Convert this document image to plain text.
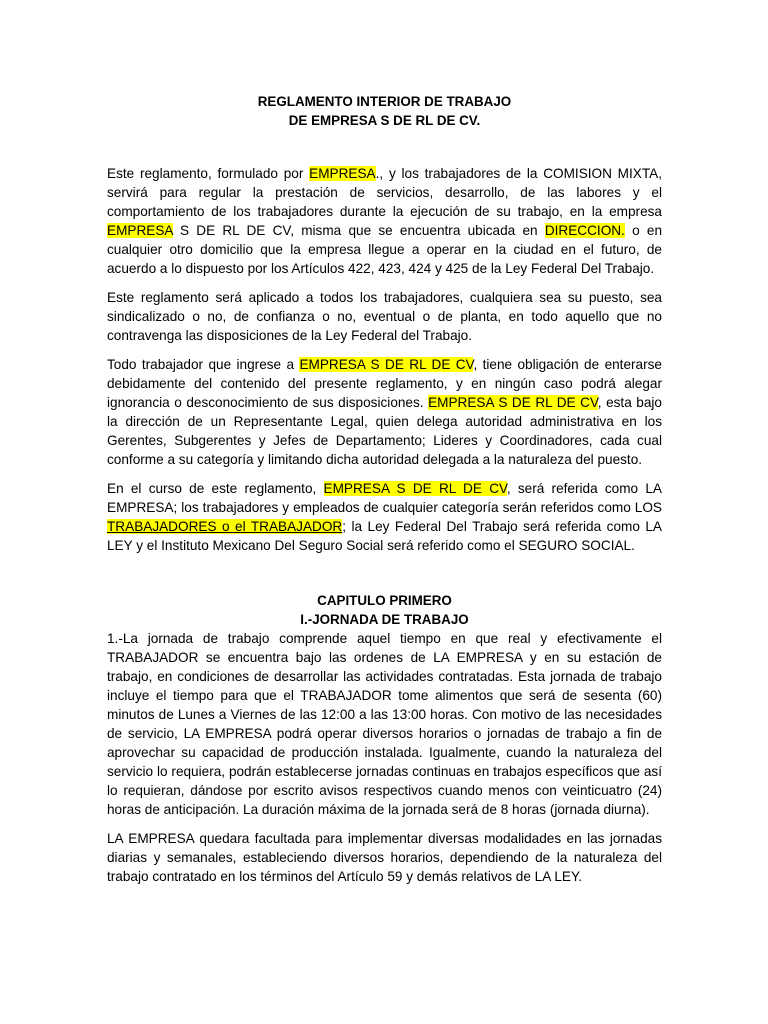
REGLAMENTO INTERIOR DE TRABAJO

DE EMPRESA S DE RL DE CV.

Este reglamento, formulado por EMPRESA., y los trabajadores de la COMISION MIXTA, servirá para regular la prestación de servicios, desarrollo, de las labores y el comportamiento de los trabajadores durante la ejecución de su trabajo, en la empresa EMPRESA S DE RL DE CV, misma que se encuentra ubicada en DIRECCION. o en cualquier otro domicilio que la empresa llegue a operar en la ciudad en el futuro, de acuerdo a lo dispuesto por los Artículos 422, 423, 424 y 425 de la Ley Federal Del Trabajo.

Este reglamento será aplicado a todos los trabajadores, cualquiera sea su puesto, sea sindicalizado o no, de confianza o no, eventual o de planta, en todo aquello que no contravenga las disposiciones de la Ley Federal del Trabajo.

Todo trabajador que ingrese a EMPRESA S DE RL DE CV, tiene obligación de enterarse debidamente del contenido del presente reglamento, y en ningún caso podrá alegar ignorancia o desconocimiento de sus disposiciones. EMPRESA S DE RL DE CV, esta bajo la dirección de un Representante Legal, quien delega autoridad administrativa en los Gerentes, Subgerentes y Jefes de Departamento; Lideres y Coordinadores, cada cual conforme a su categoría y limitando dicha autoridad delegada a la naturaleza del puesto.

En el curso de este reglamento, EMPRESA S DE RL DE CV, será referida como LA EMPRESA; los trabajadores y empleados de cualquier categoría serán referidos como LOS TRABAJADORES o el TRABAJADOR; la Ley Federal Del Trabajo será referida como LA LEY y el Instituto Mexicano Del Seguro Social será referido como el SEGURO SOCIAL.

CAPITULO PRIMERO

I.-JORNADA DE TRABAJO

1.-La jornada de trabajo comprende aquel tiempo en que real y efectivamente el TRABAJADOR se encuentra bajo las ordenes de LA EMPRESA y en su estación de trabajo, en condiciones de desarrollar las actividades contratadas. Esta jornada de trabajo incluye el tiempo para que el TRABAJADOR tome alimentos que será de sesenta (60) minutos de Lunes a Viernes de las 12:00 a las 13:00 horas. Con motivo de las necesidades de servicio, LA EMPRESA podrá operar diversos horarios o jornadas de trabajo a fin de aprovechar su capacidad de producción instalada. Igualmente, cuando la naturaleza del servicio lo requiera, podrán establecerse jornadas continuas en trabajos específicos que así lo requieran, dándose por escrito avisos respectivos cuando menos con veinticuatro (24) horas de anticipación. La duración máxima de la jornada será de 8 horas (jornada diurna).

LA EMPRESA quedara facultada para implementar diversas modalidades en las jornadas diarias y semanales, estableciendo diversos horarios, dependiendo de la naturaleza del trabajo contratado en los términos del Artículo 59 y demás relativos de LA LEY.
